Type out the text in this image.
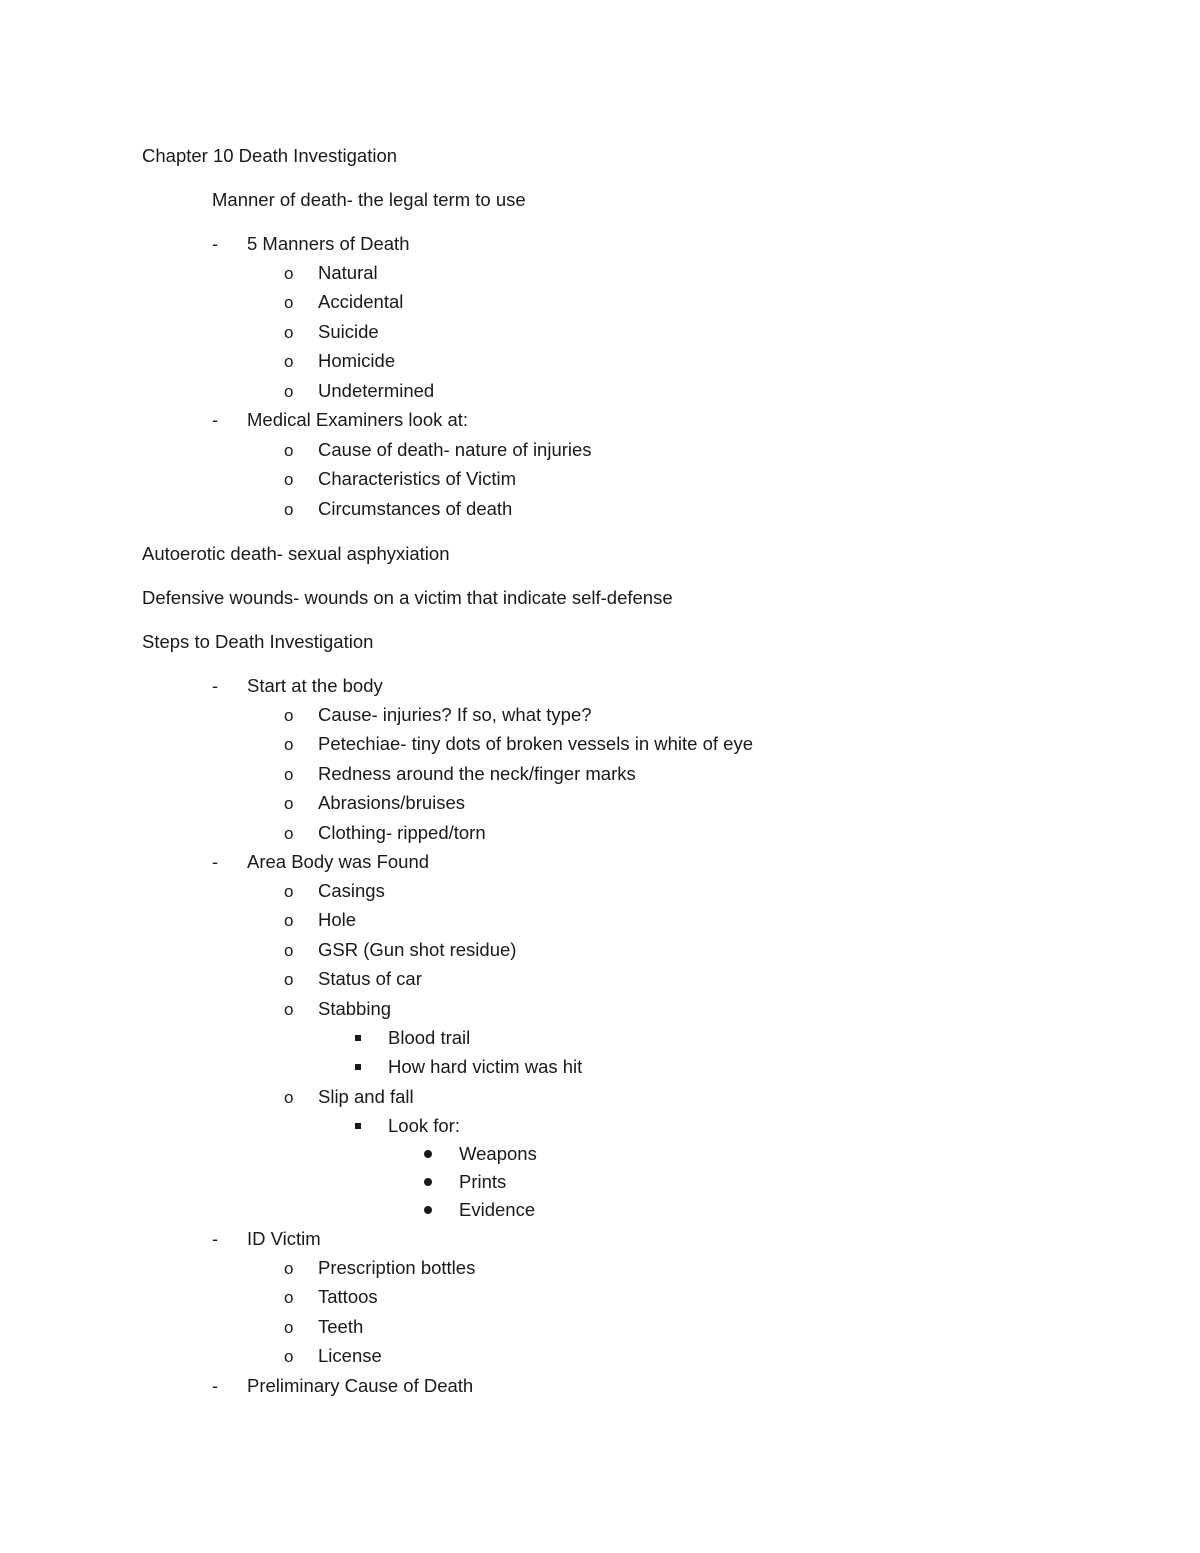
Chapter 10 Death Investigation
Manner of death- the legal term to use
- 5 Manners of Death
o Natural
o Accidental
o Suicide
o Homicide
o Undetermined
- Medical Examiners look at:
o Cause of death- nature of injuries
o Characteristics of Victim
o Circumstances of death
Autoerotic death- sexual asphyxiation
Defensive wounds- wounds on a victim that indicate self-defense
Steps to Death Investigation
- Start at the body
o Cause- injuries? If so, what type?
o Petechiae- tiny dots of broken vessels in white of eye
o Redness around the neck/finger marks
o Abrasions/bruises
o Clothing- ripped/torn
- Area Body was Found
o Casings
o Hole
o GSR (Gun shot residue)
o Status of car
o Stabbing
Blood trail
How hard victim was hit
o Slip and fall
Look for:
Weapons
Prints
Evidence
- ID Victim
o Prescription bottles
o Tattoos
o Teeth
o License
- Preliminary Cause of Death
